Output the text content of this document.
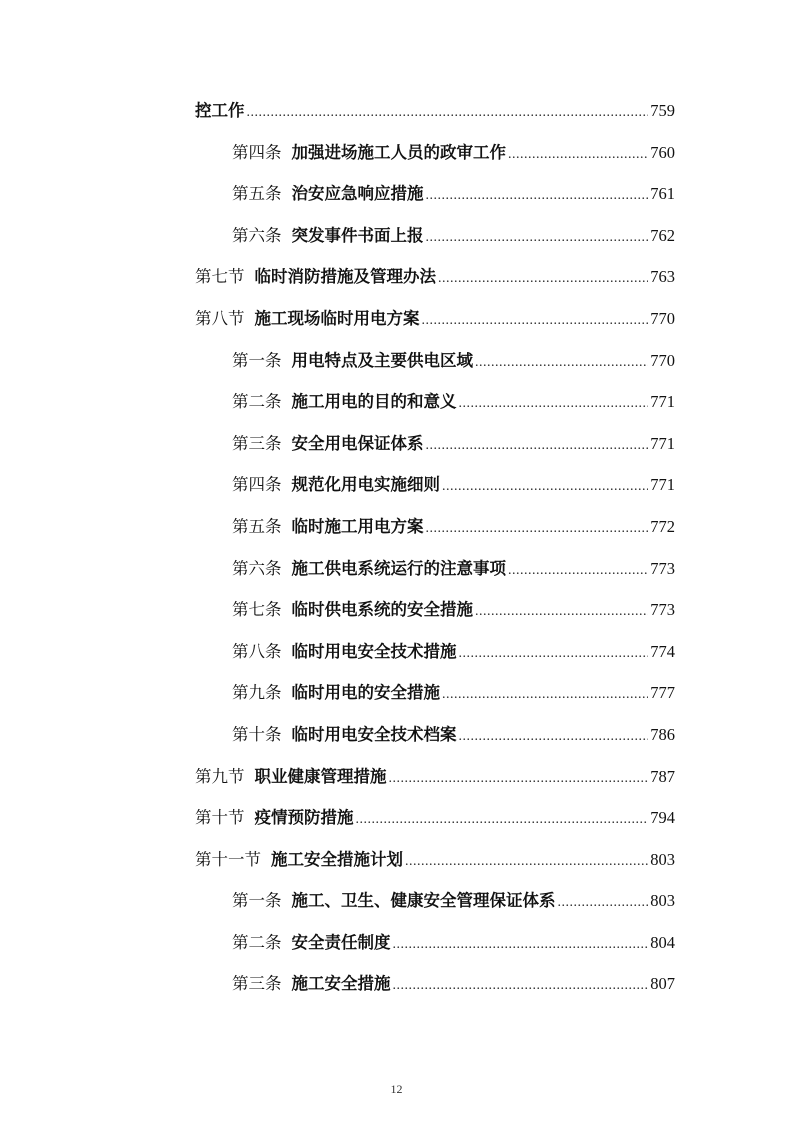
控工作 .....	759
第四条 加强进场施工人员的政审工作 .....	760
第五条 治安应急响应措施 .....	761
第六条 突发事件书面上报 .....	762
第七节 临时消防措施及管理办法 .....	763
第八节 施工现场临时用电方案 .....	770
第一条 用电特点及主要供电区域 .....	770
第二条 施工用电的目的和意义 .....	771
第三条 安全用电保证体系 .....	771
第四条 规范化用电实施细则 .....	771
第五条 临时施工用电方案 .....	772
第六条 施工供电系统运行的注意事项 .....	773
第七条 临时供电系统的安全措施 .....	773
第八条 临时用电安全技术措施 .....	774
第九条 临时用电的安全措施 .....	777
第十条 临时用电安全技术档案 .....	786
第九节 职业健康管理措施 .....	787
第十节 疫情预防措施 .....	794
第十一节 施工安全措施计划 .....	803
第一条 施工、卫生、健康安全管理保证体系 .....	803
第二条 安全责任制度 .....	804
第三条 施工安全措施 .....	807
12
